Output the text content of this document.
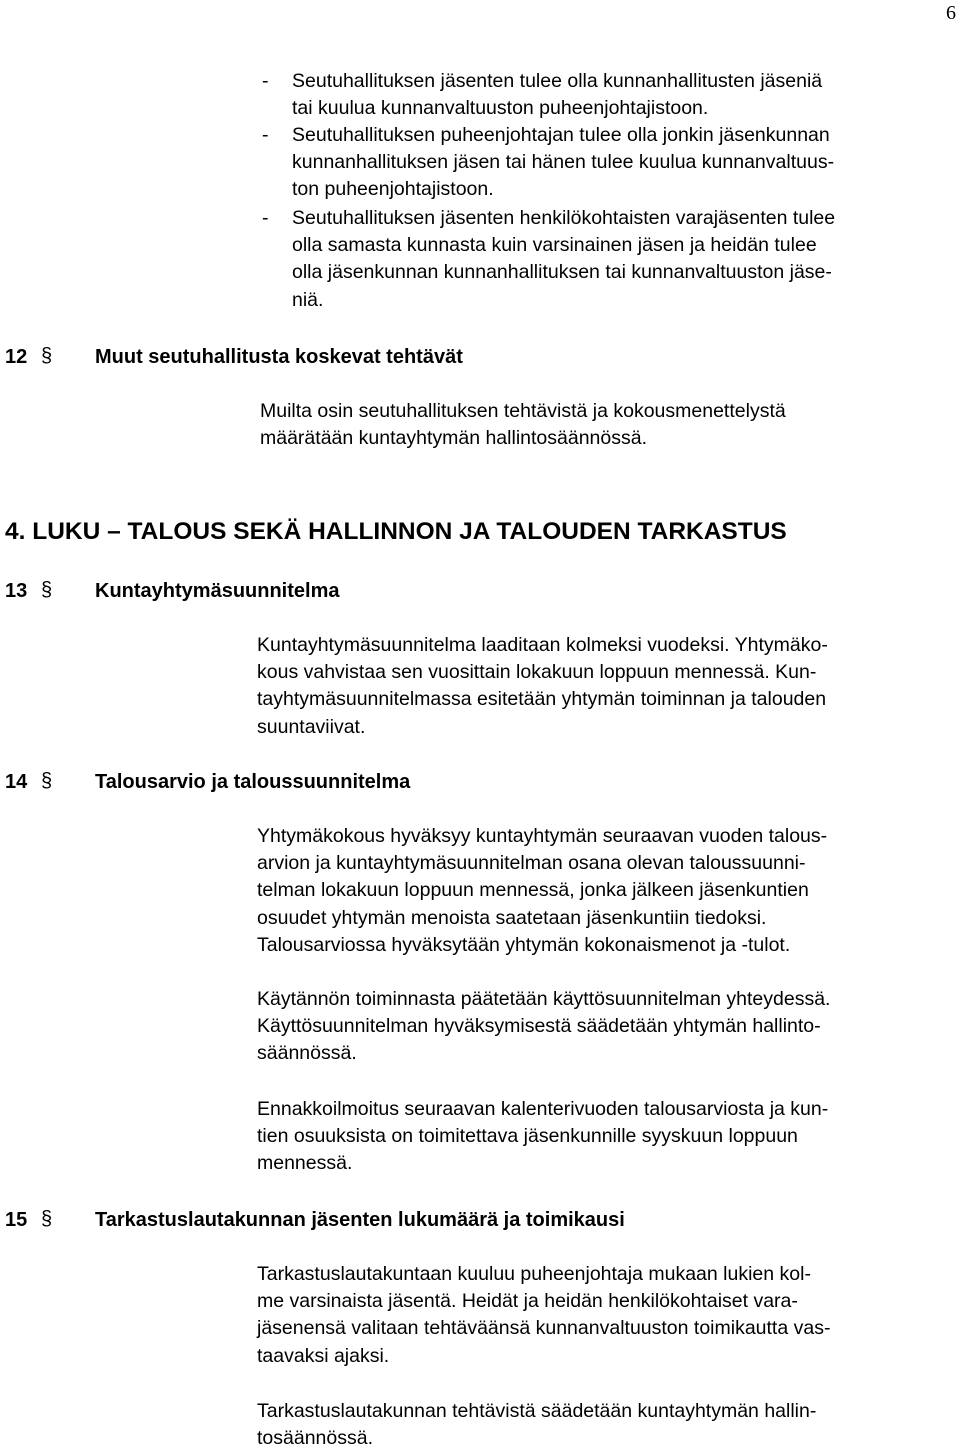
6
- Seutuhallituksen jäsenten tulee olla kunnanhallitusten jäseniä
tai kuulua kunnanvaltuuston puheenjohtajistoon.
- Seutuhallituksen puheenjohtajan tulee olla jonkin jäsenkunnan
kunnanhallituksen jäsen tai hänen tulee kuulua kunnanvaltuus-
ton puheenjohtajistoon.
- Seutuhallituksen jäsenten henkilökohtaisten varajäsenten tulee
olla samasta kunnasta kuin varsinainen jäsen ja heidän tulee
olla jäsenkunnan kunnanhallituksen tai kunnanvaltuuston jäse-
niä.
12 § Muut seutuhallitusta koskevat tehtävät
Muilta osin seutuhallituksen tehtävistä ja kokousmenettelystä
määrätään kuntayhtymän hallintosäännössä.
4. LUKU – TALOUS SEKÄ HALLINNON JA TALOUDEN TARKASTUS
13 § Kuntayhtymäsuunnitelma
Kuntayhtymäsuunnitelma laaditaan kolmeksi vuodeksi. Yhtymäko-
kous vahvistaa sen vuosittain lokakuun loppuun mennessä. Kun-
tayhtymäsuunnitelmassa esitetään yhtymän toiminnan ja talouden
suuntaviivat.
14 § Talousarvio ja taloussuunnitelma
Yhtymäkokous hyväksyy kuntayhtymän seuraavan vuoden talous-
arvion ja kuntayhtymäsuunnitelman osana olevan taloussuunni-
telman lokakuun loppuun mennessä, jonka jälkeen jäsenkuntien
osuudet yhtymän menoista saatetaan jäsenkuntiin tiedoksi.
Talousarviossa hyväksytään yhtymän kokonaismenot ja -tulot.
Käytännön toiminnasta päätetään käyttösuunnitelman yhteydessä.
Käyttösuunnitelman hyväksymisestä säädetään yhtymän hallinto-
säännössä.
Ennakkoilmoitus seuraavan kalenterivuoden talousarviosta ja kun-
tien osuuksista on toimitettava jäsenkunnille syyskuun loppuun
mennessä.
15 § Tarkastuslautakunnan jäsenten lukumäärä ja toimikausi
Tarkastuslautakuntaan kuuluu puheenjohtaja mukaan lukien kol-
me varsinaista jäsentä. Heidät ja heidän henkilökohtaiset vara-
jäsenensä valitaan tehtäväänsä kunnanvaltuuston toimikautta vas-
taavaksi ajaksi.
Tarkastuslautakunnan tehtävistä säädetään kuntayhtymän hallin-
tosäännössä.
